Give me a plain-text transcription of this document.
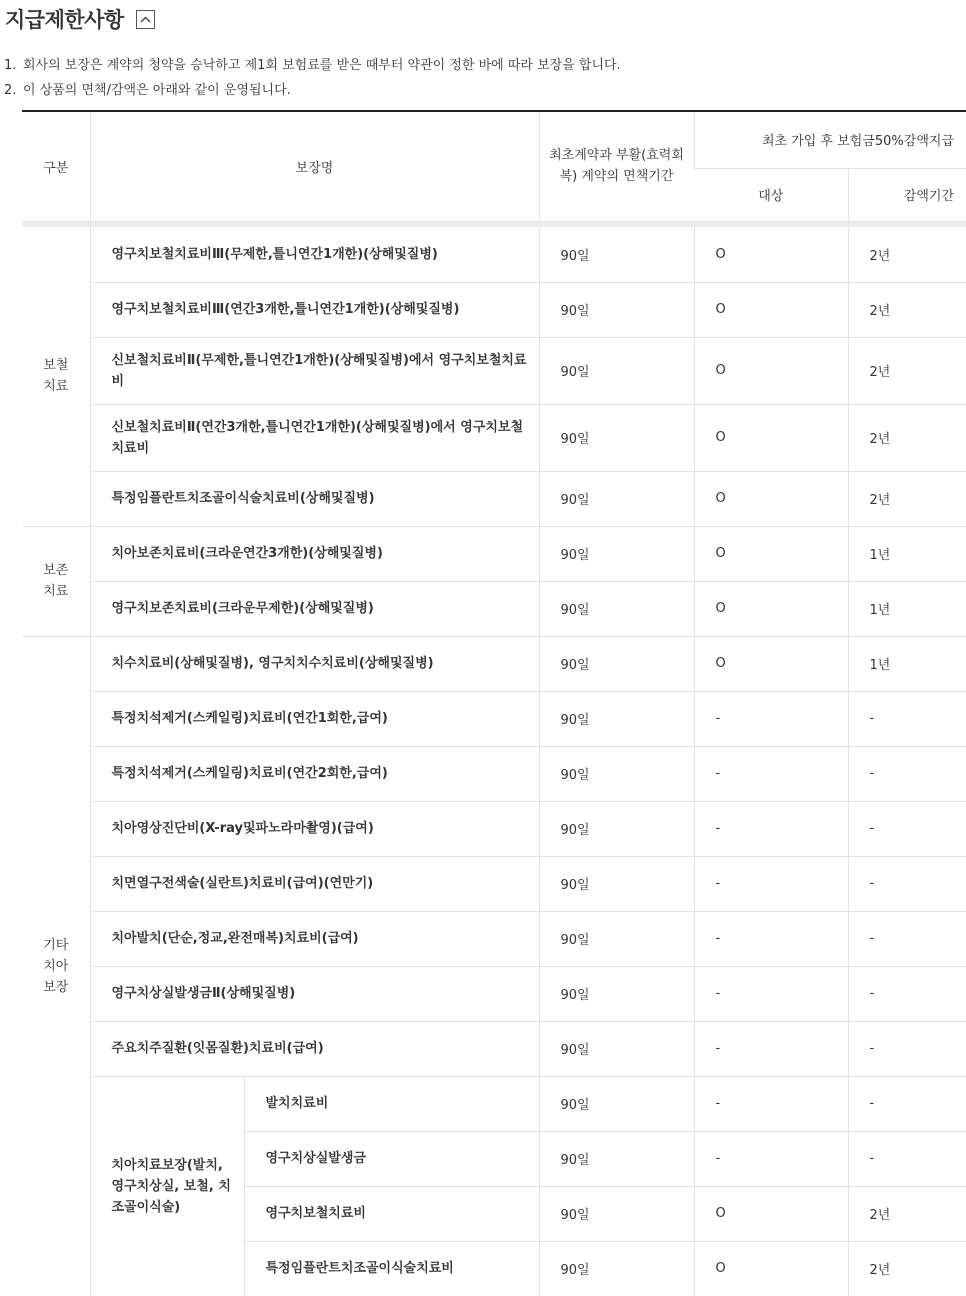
지급제한사항
1. 회사의 보장은 계약의 청약을 승낙하고 제1회 보험료를 받은 때부터 약관이 정한 바에 따라 보장을 합니다.
2. 이 상품의 면책/감액은 아래와 같이 운영됩니다.
구분	보장명		최초계약과 부활(효력회
복) 계약의 면책기간	최초 가입 후 보험금50%감액지급	
				대상	감액기간

보철
치료	영구치보철치료비Ⅲ(무제한,틀니연간1개한)(상해및질병)		90일	O	2년
	영구치보철치료비Ⅲ(연간3개한,틀니연간1개한)(상해및질병)		90일	O	2년
	신보철치료비Ⅱ(무제한,틀니연간1개한)(상해및질병)에서 영구치보철치료비		90일	O	2년
	신보철치료비Ⅱ(연간3개한,틀니연간1개한)(상해및질병)에서 영구치보철치료비		90일	O	2년
	특정임플란트치조골이식술치료비(상해및질병)		90일	O	2년
보존
치료	치아보존치료비(크라운연간3개한)(상해및질병)		90일	O	1년
	영구치보존치료비(크라운무제한)(상해및질병)		90일	O	1년
기타
치아
보장	치수치료비(상해및질병), 영구치치수치료비(상해및질병)		90일	O	1년
	특정치석제거(스케일링)치료비(연간1회한,급여)		90일	-	-
	특정치석제거(스케일링)치료비(연간2회한,급여)		90일	-	-
	치아영상진단비(X-ray및파노라마촬영)(급여)		90일	-	-
	치면열구전색술(실란트)치료비(급여)(연만기)		90일	-	-
	치아발치(단순,정교,완전매복)치료비(급여)		90일	-	-
	영구치상실발생금Ⅱ(상해및질병)		90일	-	-
	주요치주질환(잇몸질환)치료비(급여)		90일	-	-
	치아치료보장(발치, 영구치상실, 보철, 치조골이식술)	발치치료비	90일	-	-
		영구치상실발생금	90일	-	-
		영구치보철치료비	90일	O	2년
		특정임플란트치조골이식술치료비	90일	O	2년
